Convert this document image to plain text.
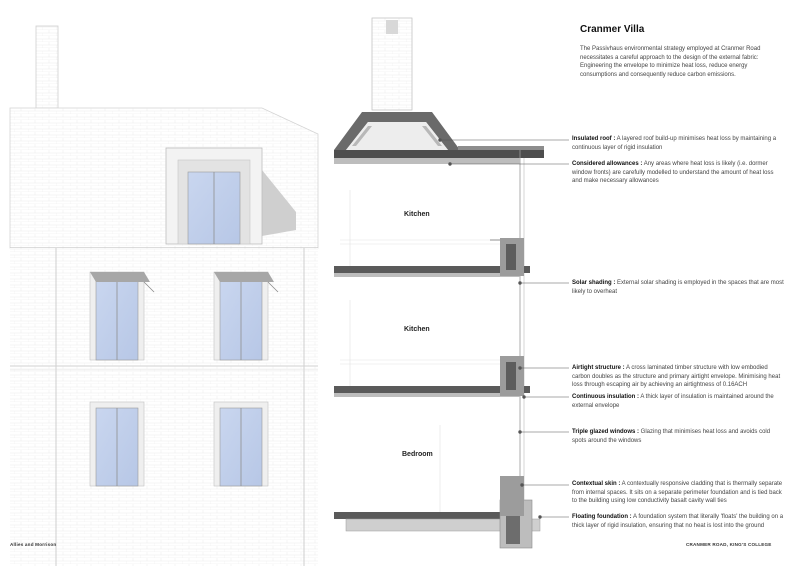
Cranmer Villa

The Passivhaus environmental strategy employed at Cranmer Road necessitates a careful approach to the design of the external fabric: Engineering the envelope to minimize heat loss, reduce energy consumptions and consequently reduce carbon emissions.

Insulated roof : A layered roof build-up minimises heat loss by maintaining a continuous layer of rigid insulation

Considered allowances : Any areas where heat loss is likely (i.e. dormer window fronts) are carefully modelled to understand the amount of heat loss and make necessary allowances

Solar shading : External solar shading is employed in the spaces that are most likely to overheat

Airtight structure : A cross laminated timber structure with low embodied carbon doubles as the structure and primary airtight envelope. Minimising heat loss through escaping air by achieving an airtightness of 0.16ACH

Continuous insulation : A thick layer of insulation is maintained around the external envelope

Triple glazed windows : Glazing that minimises heat loss and avoids cold spots around the windows

Contextual skin : A contextually responsive cladding that is thermally separate from internal spaces. It sits on a separate perimeter foundation and is tied back to the building using low conductivity basalt cavity wall ties

Floating foundation : A foundation system that literally 'floats' the building on a thick layer of rigid insulation, ensuring that no heat is lost into the ground

Kitchen
Kitchen
Bedroom
Allies and Morrison	CRANMER ROAD, KING'S COLLEGE
